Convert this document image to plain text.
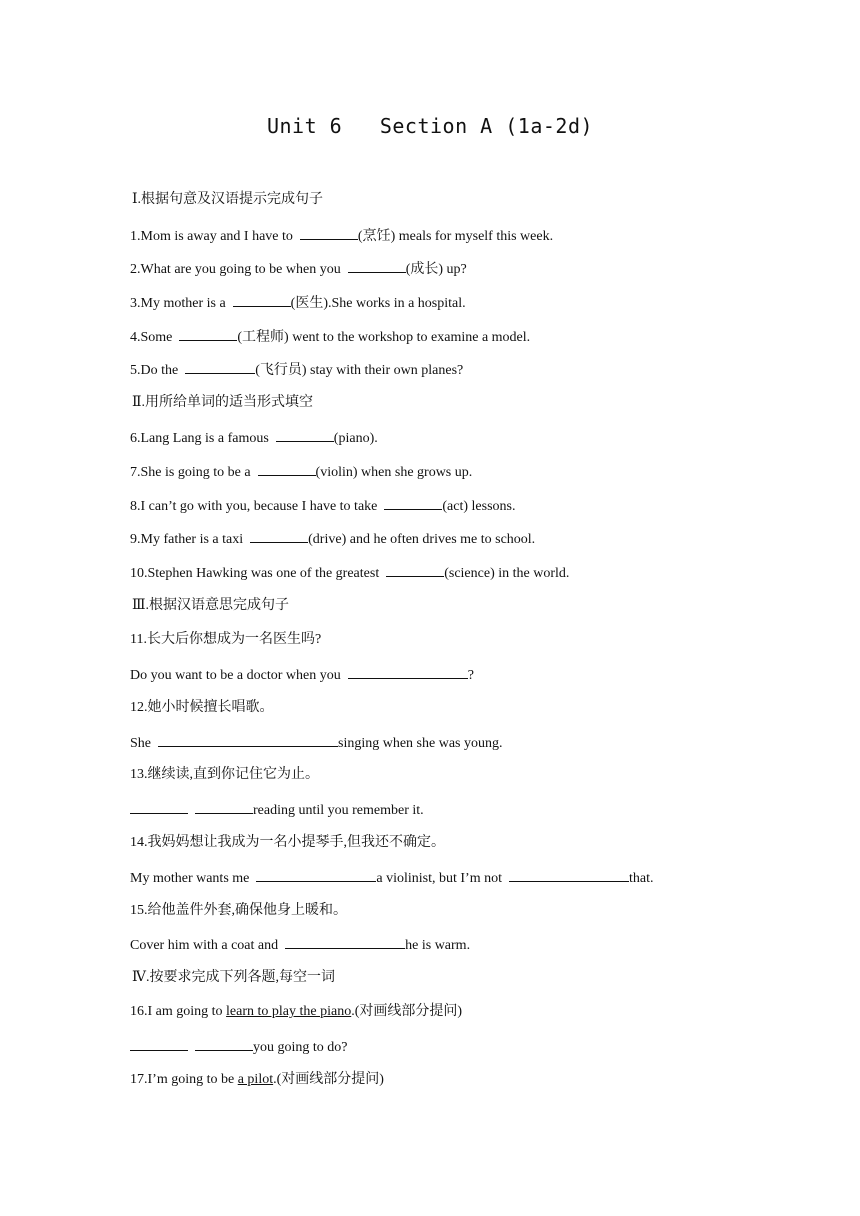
Unit 6   Section A (1a-2d)
Ⅰ.根据句意及汉语提示完成句子
1.Mom is away and I have to	(烹饪) meals for myself this week.
2.What are you going to be when you	(成长) up?
3.My mother is a	(医生).She works in a hospital.
4.Some	(工程师) went to the workshop to examine a model.
5.Do the	(飞行员) stay with their own planes?
Ⅱ.用所给单词的适当形式填空
6.Lang Lang is a famous	(piano).
7.She is going to be a	(violin) when she grows up.
8.I can’t go with you, because I have to take	(act) lessons.
9.My father is a taxi	(drive) and he often drives me to school.
10.Stephen Hawking was one of the greatest	(science) in the world.
Ⅲ.根据汉语意思完成句子
11.长大后你想成为一名医生吗?
Do you want to be a doctor when you	?
12.她小时候擅长唱歌。
She	singing when she was young.
13.继续读,直到你记住它为止。
reading until you remember it.
14.我妈妈想让我成为一名小提琴手,但我还不确定。
My mother wants me	a violinist, but I’m not	that.
15.给他盖件外套,确保他身上暖和。
Cover him with a coat and	he is warm.
Ⅳ.按要求完成下列各题,每空一词
16.I am going to learn to play the piano.(对画线部分提问)
you going to do?
17.I’m going to be a pilot.(对画线部分提问)
